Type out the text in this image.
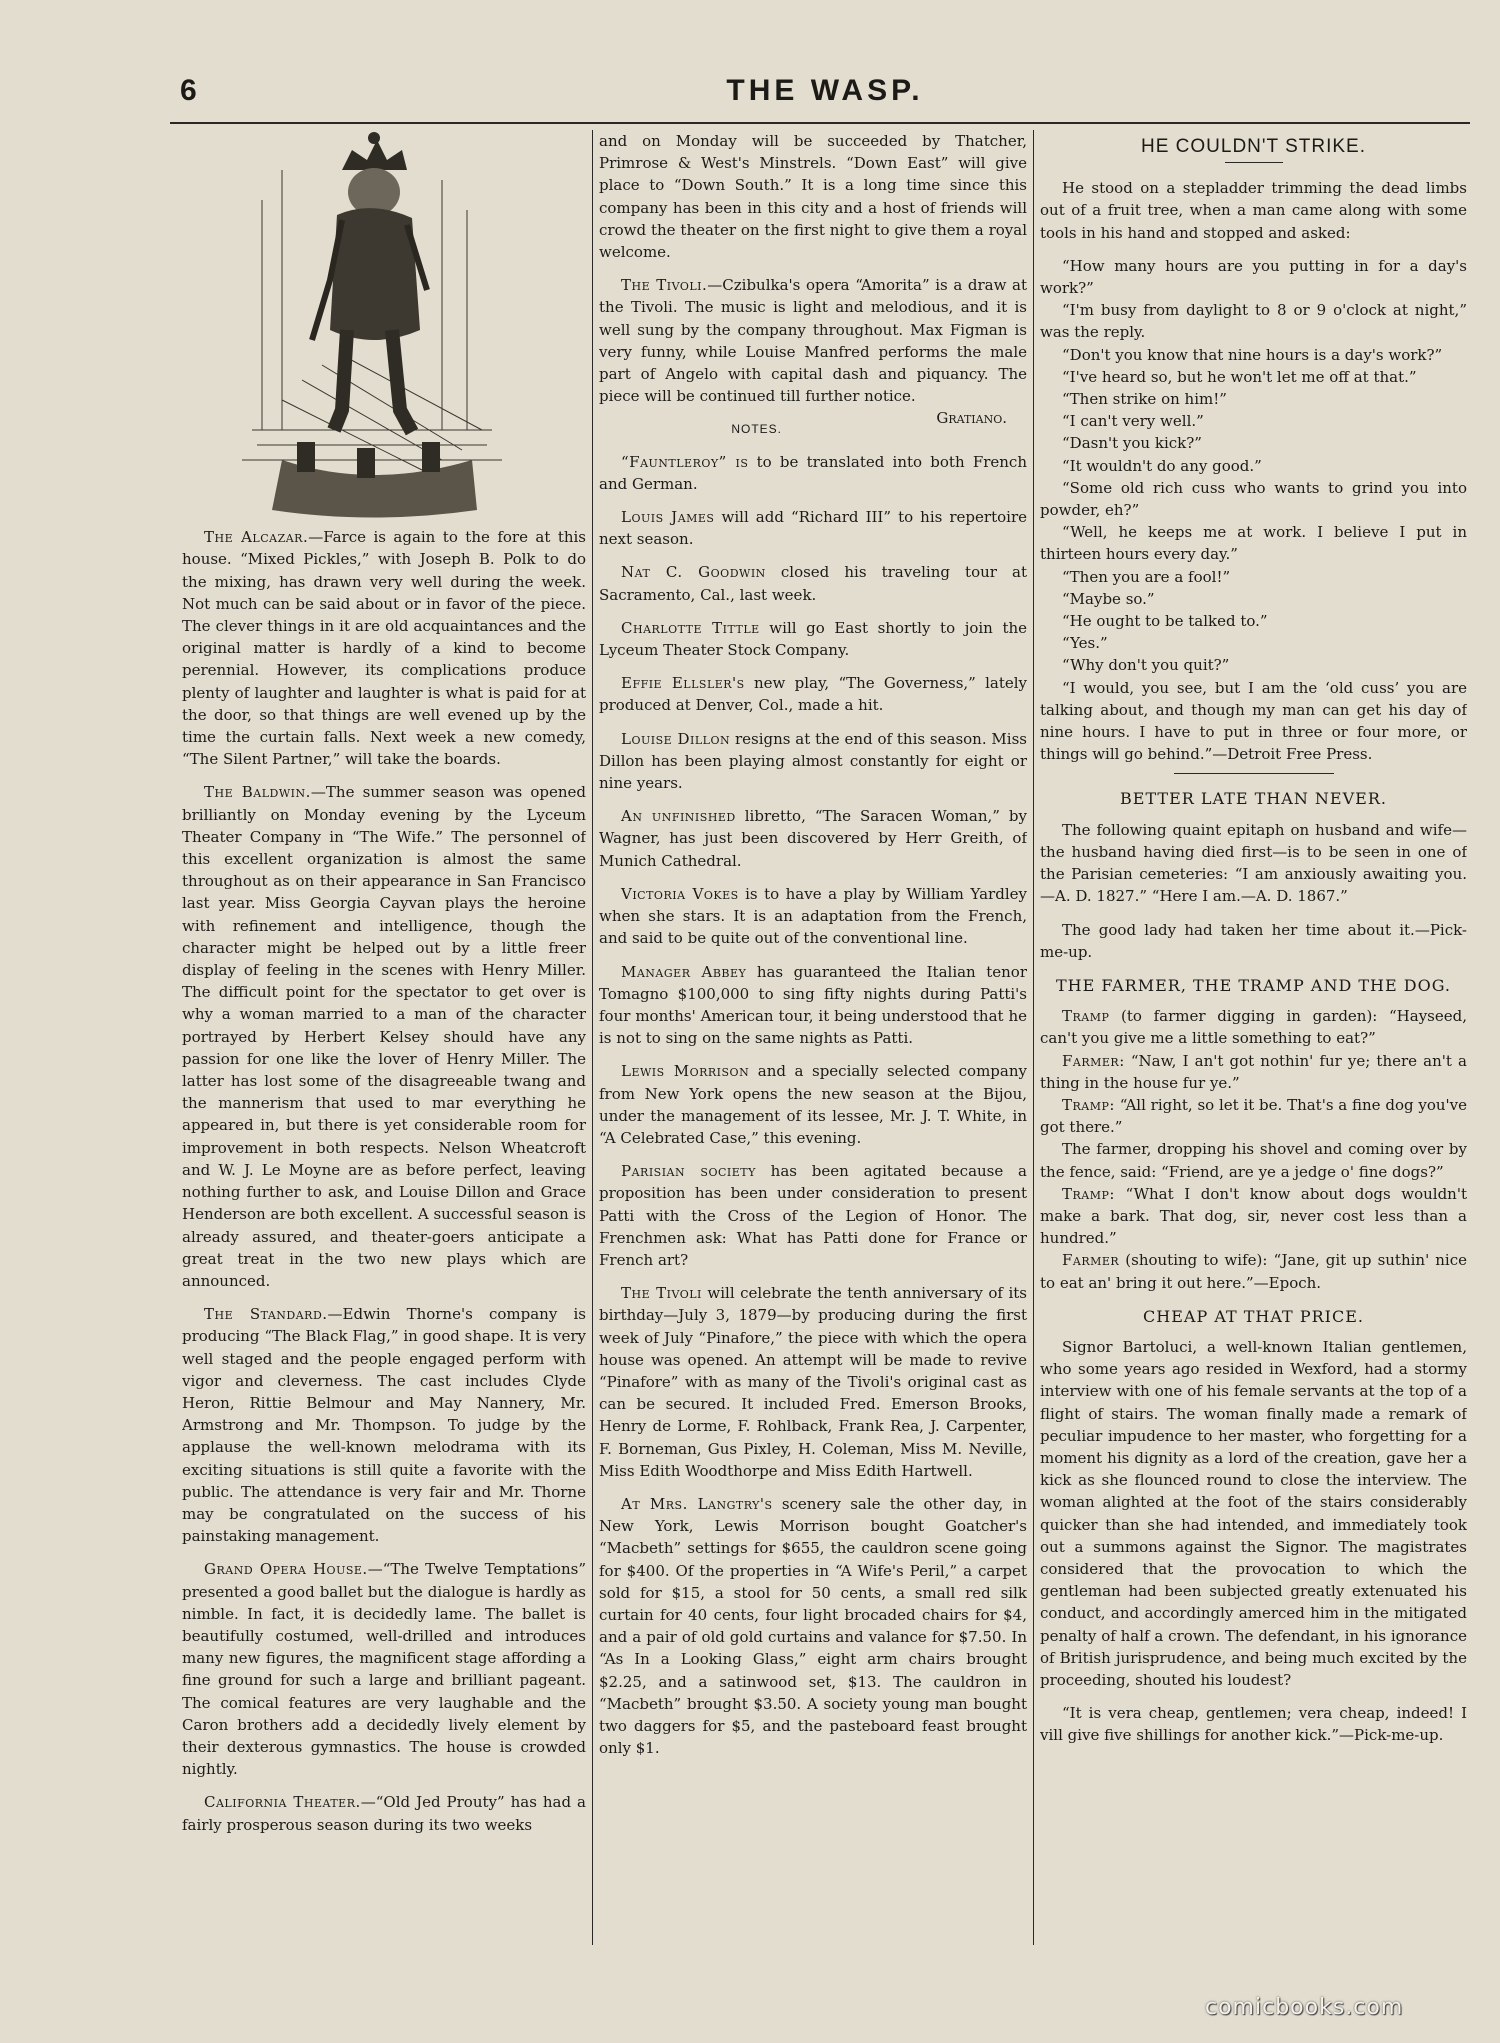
6	THE WASP.

The Alcazar.—Farce is again to the fore at this house. “Mixed Pickles,” with Joseph B. Polk to do the mixing, has drawn very well during the week. Not much can be said about or in favor of the piece. The clever things in it are old acquaintances and the original matter is hardly of a kind to become perennial. However, its complications produce plenty of laughter and laughter is what is paid for at the door, so that things are well evened up by the time the curtain falls. Next week a new comedy, “The Silent Partner,” will take the boards.

The Baldwin.—The summer season was opened brilliantly on Monday evening by the Lyceum Theater Company in “The Wife.” The personnel of this excellent organization is almost the same throughout as on their appearance in San Francisco last year. Miss Georgia Cayvan plays the heroine with refinement and intelligence, though the character might be helped out by a little freer display of feeling in the scenes with Henry Miller. The difficult point for the spectator to get over is why a woman married to a man of the character portrayed by Herbert Kelsey should have any passion for one like the lover of Henry Miller. The latter has lost some of the disagreeable twang and the mannerism that used to mar everything he appeared in, but there is yet considerable room for improvement in both respects. Nelson Wheatcroft and W. J. Le Moyne are as before perfect, leaving nothing further to ask, and Louise Dillon and Grace Henderson are both excellent. A successful season is already assured, and theater-goers anticipate a great treat in the two new plays which are announced.

The Standard.—Edwin Thorne's company is producing “The Black Flag,” in good shape. It is very well staged and the people engaged perform with vigor and cleverness. The cast includes Clyde Heron, Rittie Belmour and May Nannery, Mr. Armstrong and Mr. Thompson. To judge by the applause the well-known melodrama with its exciting situations is still quite a favorite with the public. The attendance is very fair and Mr. Thorne may be congratulated on the success of his painstaking management.

Grand Opera House.—“The Twelve Temptations” presented a good ballet but the dialogue is hardly as nimble. In fact, it is decidedly lame. The ballet is beautifully costumed, well-drilled and introduces many new figures, the magnificent stage affording a fine ground for such a large and brilliant pageant. The comical features are very laughable and the Caron brothers add a decidedly lively element by their dexterous gymnastics. The house is crowded nightly.

California Theater.—“Old Jed Prouty” has had a fairly prosperous season during its two weeks

and on Monday will be succeeded by Thatcher, Primrose & West's Minstrels. “Down East” will give place to “Down South.” It is a long time since this company has been in this city and a host of friends will crowd the theater on the first night to give them a royal welcome.

The Tivoli.—Czibulka's opera “Amorita” is a draw at the Tivoli. The music is light and melodious, and it is well sung by the company throughout. Max Figman is very funny, while Louise Manfred performs the male part of Angelo with capital dash and piquancy. The piece will be continued till further notice.
Gratiano.

NOTES.

“Fauntleroy” is to be translated into both French and German.

Louis James will add “Richard III” to his repertoire next season.

Nat C. Goodwin closed his traveling tour at Sacramento, Cal., last week.

Charlotte Tittle will go East shortly to join the Lyceum Theater Stock Company.

Effie Ellsler's new play, “The Governess,” lately produced at Denver, Col., made a hit.

Louise Dillon resigns at the end of this season. Miss Dillon has been playing almost constantly for eight or nine years.

An unfinished libretto, “The Saracen Woman,” by Wagner, has just been discovered by Herr Greith, of Munich Cathedral.

Victoria Vokes is to have a play by William Yardley when she stars. It is an adaptation from the French, and said to be quite out of the conventional line.

Manager Abbey has guaranteed the Italian tenor Tomagno $100,000 to sing fifty nights during Patti's four months' American tour, it being understood that he is not to sing on the same nights as Patti.

Lewis Morrison and a specially selected company from New York opens the new season at the Bijou, under the management of its lessee, Mr. J. T. White, in “A Celebrated Case,” this evening.

Parisian society has been agitated because a proposition has been under consideration to present Patti with the Cross of the Legion of Honor. The Frenchmen ask: What has Patti done for France or French art?

The Tivoli will celebrate the tenth anniversary of its birthday—July 3, 1879—by producing during the first week of July “Pinafore,” the piece with which the opera house was opened. An attempt will be made to revive “Pinafore” with as many of the Tivoli's original cast as can be secured. It included Fred. Emerson Brooks, Henry de Lorme, F. Rohlback, Frank Rea, J. Carpenter, F. Borneman, Gus Pixley, H. Coleman, Miss M. Neville, Miss Edith Woodthorpe and Miss Edith Hartwell.

At Mrs. Langtry's scenery sale the other day, in New York, Lewis Morrison bought Goatcher's “Macbeth” settings for $655, the cauldron scene going for $400. Of the properties in “A Wife's Peril,” a carpet sold for $15, a stool for 50 cents, a small red silk curtain for 40 cents, four light brocaded chairs for $4, and a pair of old gold curtains and valance for $7.50. In “As In a Looking Glass,” eight arm chairs brought $2.25, and a satinwood set, $13. The cauldron in “Macbeth” brought $3.50. A society young man bought two daggers for $5, and the pasteboard feast brought only $1.

HE COULDN'T STRIKE.

He stood on a stepladder trimming the dead limbs out of a fruit tree, when a man came along with some tools in his hand and stopped and asked:

“How many hours are you putting in for a day's work?”

“I'm busy from daylight to 8 or 9 o'clock at night,” was the reply.

“Don't you know that nine hours is a day's work?”

“I've heard so, but he won't let me off at that.”

“Then strike on him!”

“I can't very well.”

“Dasn't you kick?”

“It wouldn't do any good.”

“Some old rich cuss who wants to grind you into powder, eh?”

“Well, he keeps me at work. I believe I put in thirteen hours every day.”

“Then you are a fool!”

“Maybe so.”

“He ought to be talked to.”

“Yes.”

“Why don't you quit?”

“I would, you see, but I am the ‘old cuss’ you are talking about, and though my man can get his day of nine hours. I have to put in three or four more, or things will go behind.”—Detroit Free Press.

BETTER LATE THAN NEVER.

The following quaint epitaph on husband and wife—the husband having died first—is to be seen in one of the Parisian cemeteries: “I am anxiously awaiting you.—A. D. 1827.” “Here I am.—A. D. 1867.”

The good lady had taken her time about it.—Pick-me-up.

THE FARMER, THE TRAMP AND THE DOG.

Tramp (to farmer digging in garden): “Hayseed, can't you give me a little something to eat?”

Farmer: “Naw, I an't got nothin' fur ye; there an't a thing in the house fur ye.”

Tramp: “All right, so let it be. That's a fine dog you've got there.”

The farmer, dropping his shovel and coming over by the fence, said: “Friend, are ye a jedge o' fine dogs?”

Tramp: “What I don't know about dogs wouldn't make a bark. That dog, sir, never cost less than a hundred.”

Farmer (shouting to wife): “Jane, git up suthin' nice to eat an' bring it out here.”—Epoch.

CHEAP AT THAT PRICE.

Signor Bartoluci, a well-known Italian gentlemen, who some years ago resided in Wexford, had a stormy interview with one of his female servants at the top of a flight of stairs. The woman finally made a remark of peculiar impudence to her master, who forgetting for a moment his dignity as a lord of the creation, gave her a kick as she flounced round to close the interview. The woman alighted at the foot of the stairs considerably quicker than she had intended, and immediately took out a summons against the Signor. The magistrates considered that the provocation to which the gentleman had been subjected greatly extenuated his conduct, and accordingly amerced him in the mitigated penalty of half a crown. The defendant, in his ignorance of British jurisprudence, and being much excited by the proceeding, shouted his loudest?

“It is vera cheap, gentlemen; vera cheap, indeed! I vill give five shillings for another kick.”—Pick-me-up.

comicbooks.com
